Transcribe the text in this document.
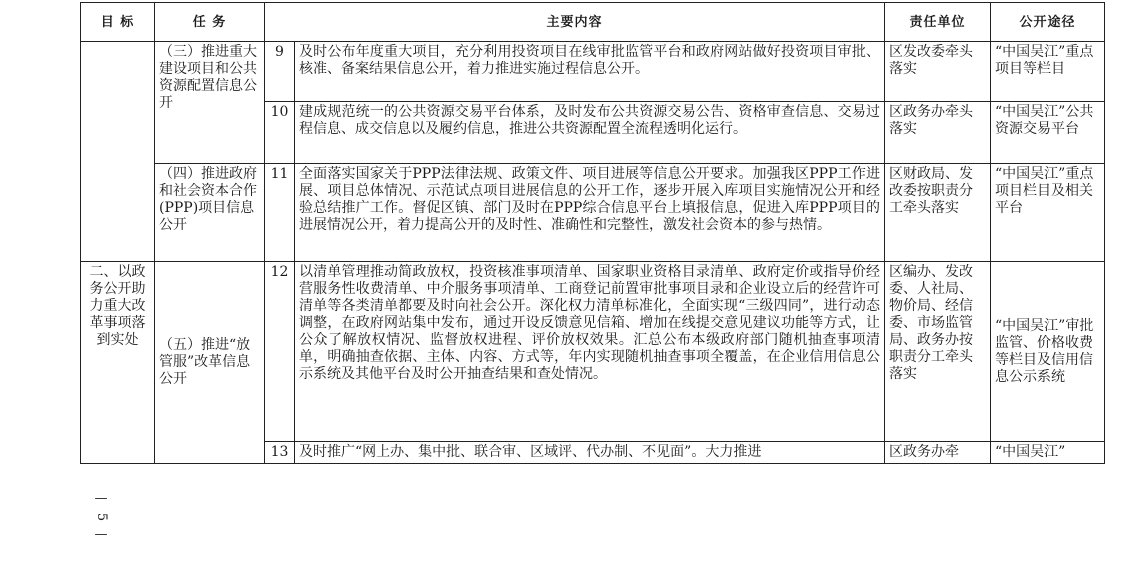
目 标	任 务	主要内容		责任单位	公开途径
	（三）推进重大建设项目和公共资源配置信息公开	9	及时公布年度重大项目，充分利用投资项目在线审批监管平台和政府网站做好投资项目审批、核准、备案结果信息公开，着力推进实施过程信息公开。	区发改委牵头落实	“中国吴江”重点项目等栏目
		10	建成规范统一的公共资源交易平台体系，及时发布公共资源交易公告、资格审查信息、交易过程信息、成交信息以及履约信息，推进公共资源配置全流程透明化运行。	区政务办牵头落实	“中国吴江”公共资源交易平台
	（四）推进政府和社会资本合作(PPP)项目信息公开	11	全面落实国家关于PPP法律法规、政策文件、项目进展等信息公开要求。加强我区PPP工作进展、项目总体情况、示范试点项目进展信息的公开工作，逐步开展入库项目实施情况公开和经验总结推广工作。督促区镇、部门及时在PPP综合信息平台上填报信息，促进入库PPP项目的进展情况公开，着力提高公开的及时性、准确性和完整性，激发社会资本的参与热情。	区财政局、发改委按职责分工牵头落实	“中国吴江”重点项目栏目及相关平台
二、以政务公开助力重大改革事项落到实处	（五）推进“放管服”改革信息公开	12	以清单管理推动简政放权，投资核准事项清单、国家职业资格目录清单、政府定价或指导价经营服务性收费清单、中介服务事项清单、工商登记前置审批事项目录和企业设立后的经营许可清单等各类清单都要及时向社会公开。深化权力清单标准化，全面实现“三级四同”，进行动态调整，在政府网站集中发布，通过开设反馈意见信箱、增加在线提交意见建议功能等方式，让公众了解放权情况、监督放权进程、评价放权效果。汇总公布本级政府部门随机抽查事项清单，明确抽查依据、主体、内容、方式等，年内实现随机抽查事项全覆盖，在企业信用信息公示系统及其他平台及时公开抽查结果和查处情况。	区编办、发改委、人社局、物价局、经信委、市场监管局、政务办按职责分工牵头落实	“中国吴江”审批监管、价格收费等栏目及信用信息公示系统
		13	及时推广“网上办、集中批、联合审、区域评、代办制、不见面”。大力推进	区政务办牵	“中国吴江”
—
5
—
